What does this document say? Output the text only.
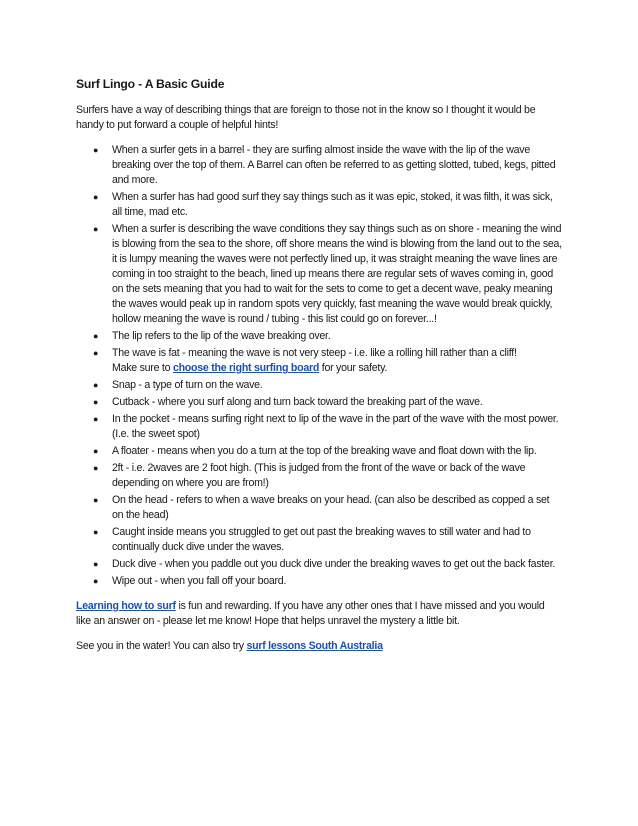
Surf Lingo - A Basic Guide

Surfers have a way of describing things that are foreign to those not in the know so I thought it would be handy to put forward a couple of helpful hints!

● When a surfer gets in a barrel - they are surfing almost inside the wave with the lip of the wave breaking over the top of them. A Barrel can often be referred to as getting slotted, tubed, kegs, pitted and more.
● When a surfer has had good surf they say things such as it was epic, stoked, it was filth, it was sick, all time, mad etc.
● When a surfer is describing the wave conditions they say things such as on shore - meaning the wind is blowing from the sea to the shore, off shore means the wind is blowing from the land out to the sea, it is lumpy meaning the waves were not perfectly lined up, it was straight meaning the wave lines are coming in too straight to the beach, lined up means there are regular sets of waves coming in, good on the sets meaning that you had to wait for the sets to come to get a decent wave, peaky meaning the waves would peak up in random spots very quickly, fast meaning the wave would break quickly, hollow meaning the wave is round / tubing - this list could go on forever...!
● The lip refers to the lip of the wave breaking over.
● The wave is fat - meaning the wave is not very steep - i.e. like a rolling hill rather than a cliff!
Make sure to choose the right surfing board for your safety.
● Snap - a type of turn on the wave.
● Cutback - where you surf along and turn back toward the breaking part of the wave.
● In the pocket - means surfing right next to lip of the wave in the part of the wave with the most power. (I.e. the sweet spot)
● A floater - means when you do a turn at the top of the breaking wave and float down with the lip.
● 2ft - i.e. 2waves are 2 foot high. (This is judged from the front of the wave or back of the wave depending on where you are from!)
● On the head - refers to when a wave breaks on your head. (can also be described as copped a set on the head)
● Caught inside means you struggled to get out past the breaking waves to still water and had to continually duck dive under the waves.
● Duck dive - when you paddle out you duck dive under the breaking waves to get out the back faster.
● Wipe out - when you fall off your board.

Learning how to surf is fun and rewarding. If you have any other ones that I have missed and you would like an answer on - please let me know! Hope that helps unravel the mystery a little bit.

See you in the water! You can also try surf lessons South Australia
